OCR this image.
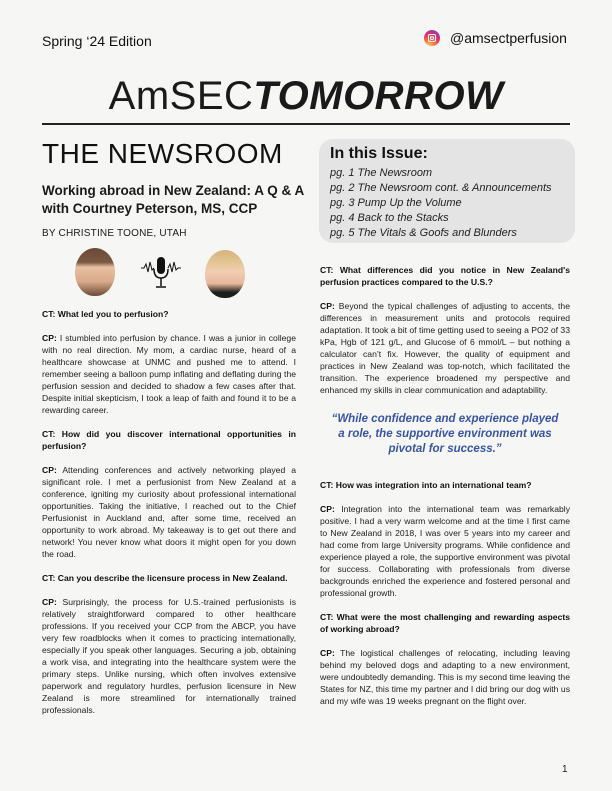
Spring ‘24 Edition	@amsectperfusion
AmSECTOMORROW
THE NEWSROOM
Working abroad in New Zealand: A Q & A with Courtney Peterson, MS, CCP
BY CHRISTINE TOONE, UTAH
In this Issue:
pg. 1 The Newsroom
pg. 2 The Newsroom cont. & Announcements
pg. 3 Pump Up the Volume
pg. 4 Back to the Stacks
pg. 5 The Vitals & Goofs and Blunders

CT: What led you to perfusion?

CP: I stumbled into perfusion by chance. I was a junior in college with no real direction. My mom, a cardiac nurse, heard of a healthcare showcase at UNMC and pushed me to attend. I remember seeing a balloon pump inflating and deflating during the perfusion session and decided to shadow a few cases after that. Despite initial skepticism, I took a leap of faith and found it to be a rewarding career.

CT: How did you discover international opportunities in perfusion?

CP: Attending conferences and actively networking played a significant role. I met a perfusionist from New Zealand at a conference, igniting my curiosity about professional international opportunities. Taking the initiative, I reached out to the Chief Perfusionist in Auckland and, after some time, received an opportunity to work abroad. My takeaway is to get out there and network! You never know what doors it might open for you down the road.

CT: Can you describe the licensure process in New Zealand.

CP: Surprisingly, the process for U.S.-trained perfusionists is relatively straightforward compared to other healthcare professions. If you received your CCP from the ABCP, you have very few roadblocks when it comes to practicing internationally, especially if you speak other languages. Securing a job, obtaining a work visa, and integrating into the healthcare system were the primary steps. Unlike nursing, which often involves extensive paperwork and regulatory hurdles, perfusion licensure in New Zealand is more streamlined for internationally trained professionals.

CT: What differences did you notice in New Zealand's perfusion practices compared to the U.S.?

CP: Beyond the typical challenges of adjusting to accents, the differences in measurement units and protocols required adaptation. It took a bit of time getting used to seeing a PO2 of 33 kPa, Hgb of 121 g/L, and Glucose of 6 mmol/L – but nothing a calculator can’t fix. However, the quality of equipment and practices in New Zealand was top-notch, which facilitated the transition. The experience broadened my perspective and enhanced my skills in clear communication and adaptability.

“While confidence and experience played a role, the supportive environment was pivotal for success.”

CT: How was integration into an international team?

CP: Integration into the international team was remarkably positive. I had a very warm welcome and at the time I first came to New Zealand in 2018, I was over 5 years into my career and had come from large University programs. While confidence and experience played a role, the supportive environment was pivotal for success. Collaborating with professionals from diverse backgrounds enriched the experience and fostered personal and professional growth.

CT: What were the most challenging and rewarding aspects of working abroad?

CP: The logistical challenges of relocating, including leaving behind my beloved dogs and adapting to a new environment, were undoubtedly demanding. This is my second time leaving the States for NZ, this time my partner and I did bring our dog with us and my wife was 19 weeks pregnant on the flight over.

1
